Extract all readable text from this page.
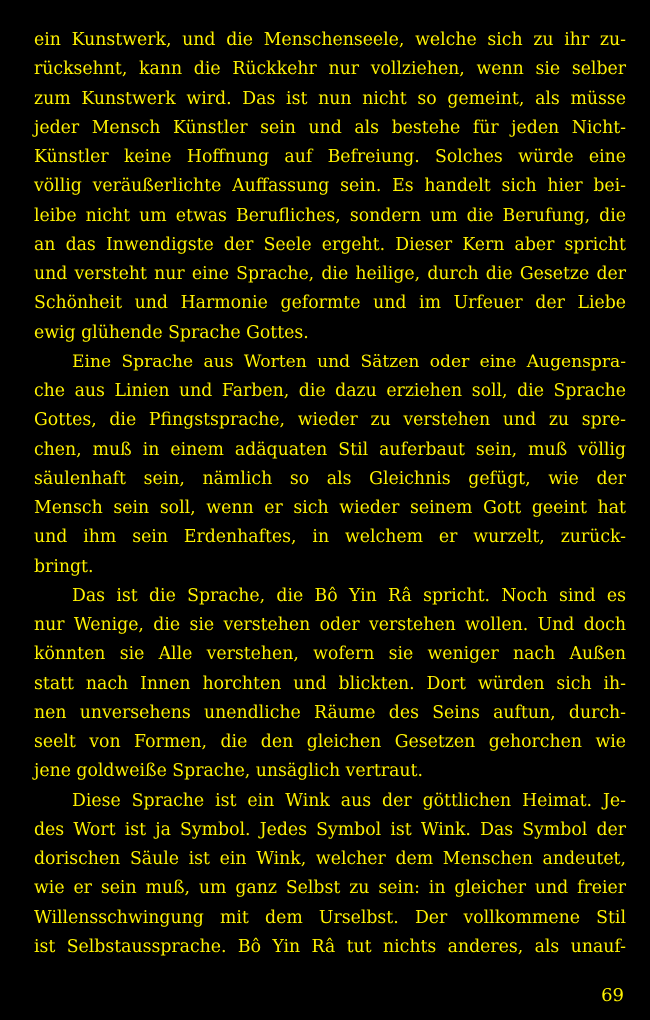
ein Kunstwerk, und die Menschenseele, welche sich zu ihr zu-
rücksehnt, kann die Rückkehr nur vollziehen, wenn sie selber
zum Kunstwerk wird. Das ist nun nicht so gemeint, als müsse
jeder Mensch Künstler sein und als bestehe für jeden Nicht-
Künstler keine Hoffnung auf Befreiung. Solches würde eine
völlig veräußerlichte Auffassung sein. Es handelt sich hier bei-
leibe nicht um etwas Berufliches, sondern um die Berufung, die
an das Inwendigste der Seele ergeht. Dieser Kern aber spricht
und versteht nur eine Sprache, die heilige, durch die Gesetze der
Schönheit und Harmonie geformte und im Urfeuer der Liebe
ewig glühende Sprache Gottes.
Eine Sprache aus Worten und Sätzen oder eine Augenspra-
che aus Linien und Farben, die dazu erziehen soll, die Sprache
Gottes, die Pfingstsprache, wieder zu verstehen und zu spre-
chen, muß in einem adäquaten Stil auferbaut sein, muß völlig
säulenhaft sein, nämlich so als Gleichnis gefügt, wie der
Mensch sein soll, wenn er sich wieder seinem Gott geeint hat
und ihm sein Erdenhaftes, in welchem er wurzelt, zurück-
bringt.
Das ist die Sprache, die Bô Yin Râ spricht. Noch sind es
nur Wenige, die sie verstehen oder verstehen wollen. Und doch
könnten sie Alle verstehen, wofern sie weniger nach Außen
statt nach Innen horchten und blickten. Dort würden sich ih-
nen unversehens unendliche Räume des Seins auftun, durch-
seelt von Formen, die den gleichen Gesetzen gehorchen wie
jene goldweiße Sprache, unsäglich vertraut.
Diese Sprache ist ein Wink aus der göttlichen Heimat. Je-
des Wort ist ja Symbol. Jedes Symbol ist Wink. Das Symbol der
dorischen Säule ist ein Wink, welcher dem Menschen andeutet,
wie er sein muß, um ganz Selbst zu sein: in gleicher und freier
Willensschwingung mit dem Urselbst. Der vollkommene Stil
ist Selbstaussprache. Bô Yin Râ tut nichts anderes, als unauf-
69
